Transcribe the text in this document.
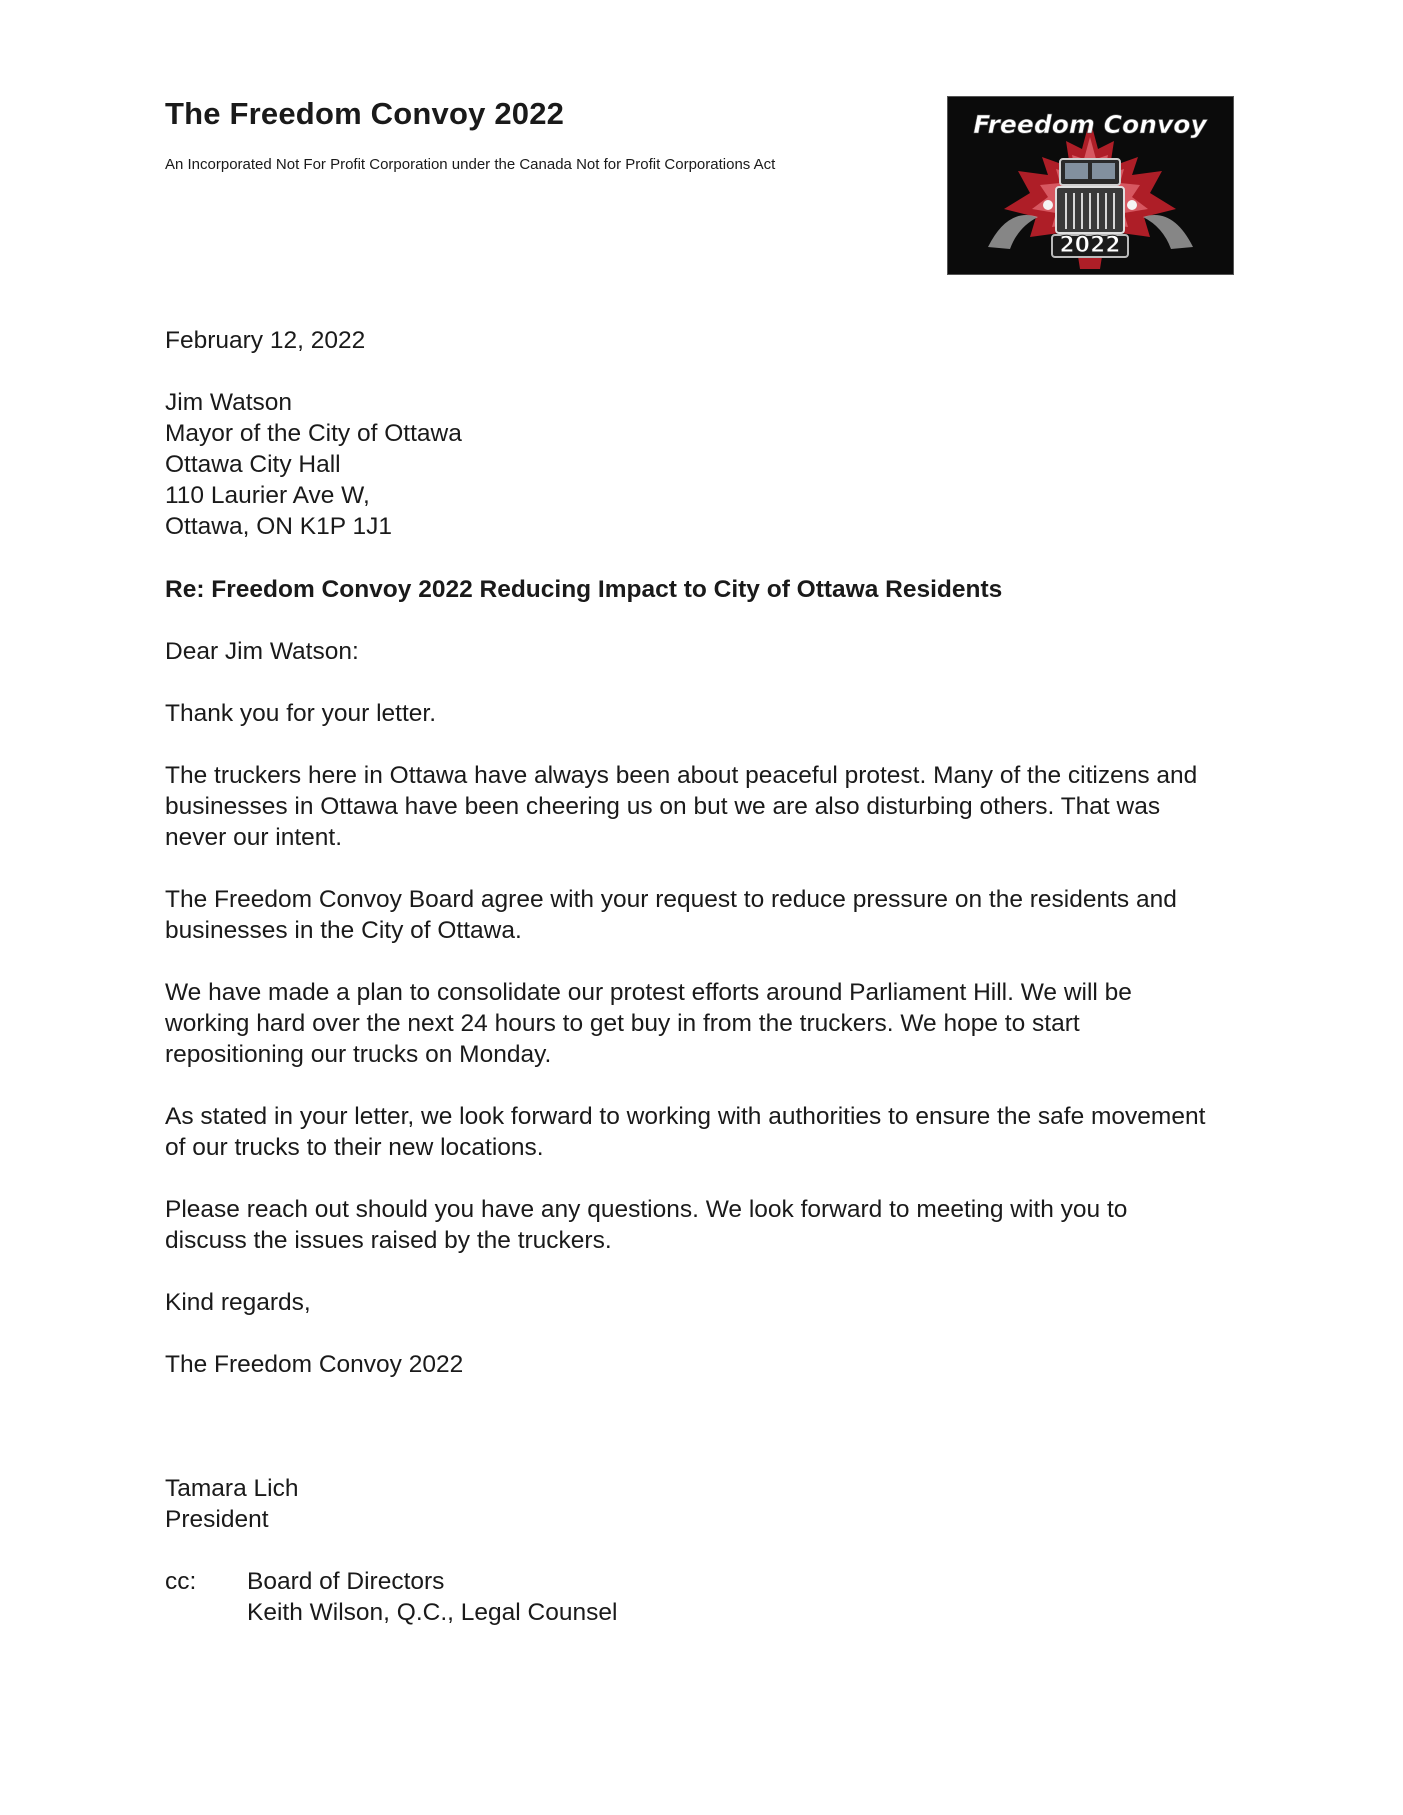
The Freedom Convoy 2022
An Incorporated Not For Profit Corporation under the Canada Not for Profit Corporations Act
Freedom Convoy
2022
February 12, 2022
Jim Watson
Mayor of the City of Ottawa
Ottawa City Hall
110 Laurier Ave W,
Ottawa, ON K1P 1J1
Re: Freedom Convoy 2022 Reducing Impact to City of Ottawa Residents
Dear Jim Watson:
Thank you for your letter.
The truckers here in Ottawa have always been about peaceful protest. Many of the citizens and
businesses in Ottawa have been cheering us on but we are also disturbing others. That was
never our intent.
The Freedom Convoy Board agree with your request to reduce pressure on the residents and
businesses in the City of Ottawa.
We have made a plan to consolidate our protest efforts around Parliament Hill. We will be
working hard over the next 24 hours to get buy in from the truckers. We hope to start
repositioning our trucks on Monday.
As stated in your letter, we look forward to working with authorities to ensure the safe movement
of our trucks to their new locations.
Please reach out should you have any questions. We look forward to meeting with you to
discuss the issues raised by the truckers.
Kind regards,
The Freedom Convoy 2022
Tamara Lich
President
cc: Board of Directors
Keith Wilson, Q.C., Legal Counsel
